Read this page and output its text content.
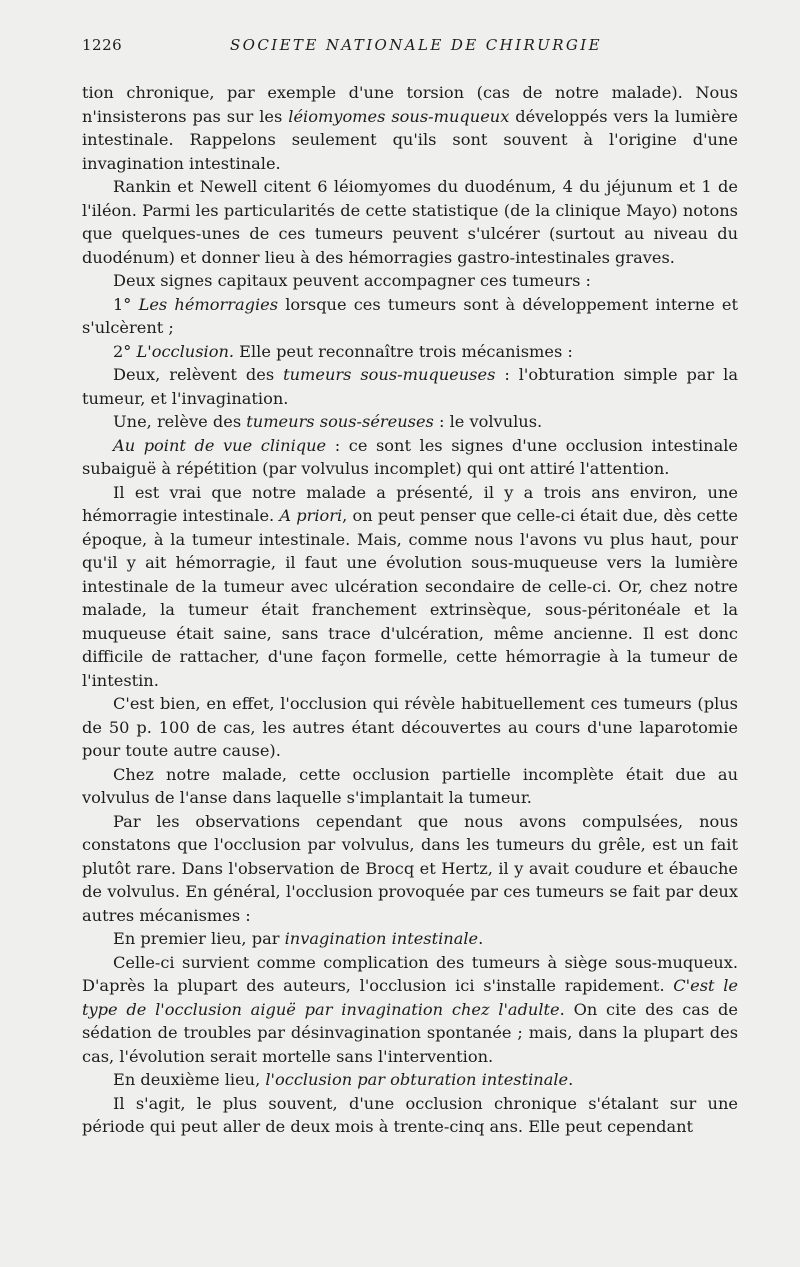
1226	SOCIETE NATIONALE DE CHIRURGIE

tion chronique, par exemple d'une torsion (cas de notre malade). Nous n'insisterons pas sur les léiomyomes sous-muqueux développés vers la lumière intestinale. Rappelons seulement qu'ils sont souvent à l'origine d'une invagination intestinale.

Rankin et Newell citent 6 léiomyomes du duodénum, 4 du jéjunum et 1 de l'iléon. Parmi les particularités de cette statistique (de la clinique Mayo) notons que quelques-unes de ces tumeurs peuvent s'ulcérer (surtout au niveau du duodénum) et donner lieu à des hémorragies gastro-intestinales graves.

Deux signes capitaux peuvent accompagner ces tumeurs :

1° Les hémorragies lorsque ces tumeurs sont à développement interne et s'ulcèrent ;

2° L'occlusion. Elle peut reconnaître trois mécanismes :

Deux, relèvent des tumeurs sous-muqueuses : l'obturation simple par la tumeur, et l'invagination.

Une, relève des tumeurs sous-séreuses : le volvulus.

Au point de vue clinique : ce sont les signes d'une occlusion intestinale subaiguë à répétition (par volvulus incomplet) qui ont attiré l'attention.

Il est vrai que notre malade a présenté, il y a trois ans environ, une hémorragie intestinale. A priori, on peut penser que celle-ci était due, dès cette époque, à la tumeur intestinale. Mais, comme nous l'avons vu plus haut, pour qu'il y ait hémorragie, il faut une évolution sous-muqueuse vers la lumière intestinale de la tumeur avec ulcération secondaire de celle-ci. Or, chez notre malade, la tumeur était franchement extrinsèque, sous-péritonéale et la muqueuse était saine, sans trace d'ulcération, même ancienne. Il est donc difficile de rattacher, d'une façon formelle, cette hémorragie à la tumeur de l'intestin.

C'est bien, en effet, l'occlusion qui révèle habituellement ces tumeurs (plus de 50 p. 100 de cas, les autres étant découvertes au cours d'une laparotomie pour toute autre cause).

Chez notre malade, cette occlusion partielle incomplète était due au volvulus de l'anse dans laquelle s'implantait la tumeur.

Par les observations cependant que nous avons compulsées, nous constatons que l'occlusion par volvulus, dans les tumeurs du grêle, est un fait plutôt rare. Dans l'observation de Brocq et Hertz, il y avait coudure et ébauche de volvulus. En général, l'occlusion provoquée par ces tumeurs se fait par deux autres mécanismes :

En premier lieu, par invagination intestinale.

Celle-ci survient comme complication des tumeurs à siège sous-muqueux. D'après la plupart des auteurs, l'occlusion ici s'installe rapidement. C'est le type de l'occlusion aiguë par invagination chez l'adulte. On cite des cas de sédation de troubles par désinvagination spontanée ; mais, dans la plupart des cas, l'évolution serait mortelle sans l'intervention.

En deuxième lieu, l'occlusion par obturation intestinale.

Il s'agit, le plus souvent, d'une occlusion chronique s'étalant sur une période qui peut aller de deux mois à trente-cinq ans. Elle peut cependant
